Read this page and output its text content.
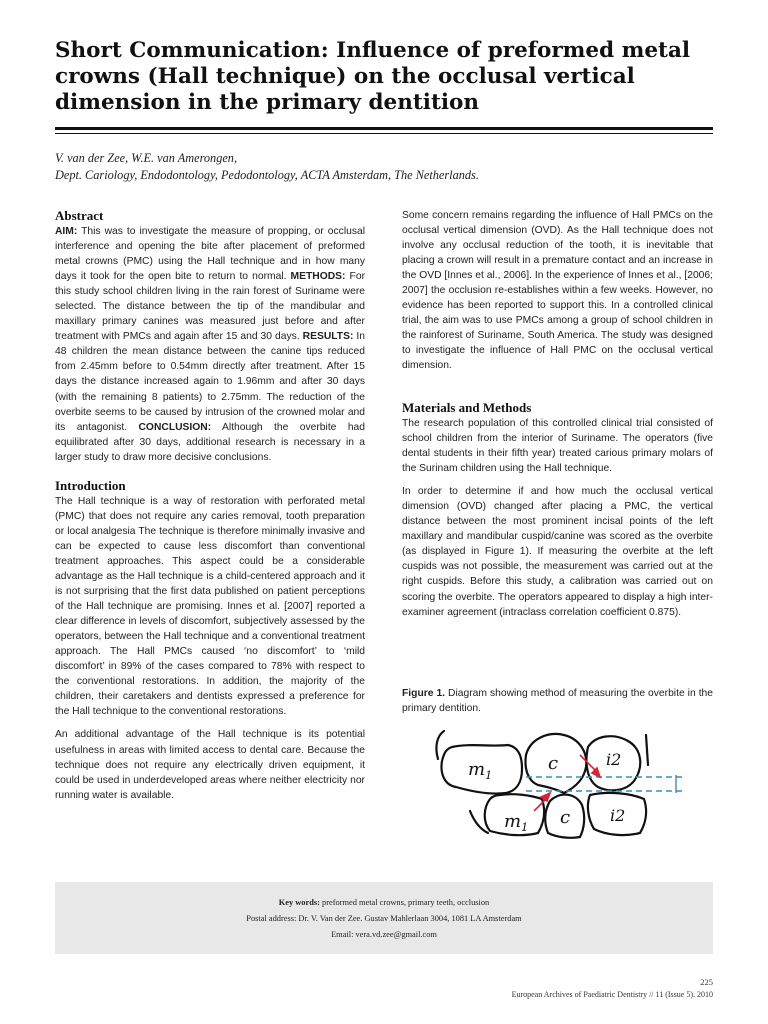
Short Communication: Influence of preformed metal crowns (Hall technique) on the occlusal vertical dimension in the primary dentition
V. van der Zee, W.E. van Amerongen,
Dept. Cariology, Endodontology, Pedodontology, ACTA Amsterdam, The Netherlands.
Abstract

AIM: This was to investigate the measure of propping, or occlusal interference and opening the bite after placement of preformed metal crowns (PMC) using the Hall technique and in how many days it took for the open bite to return to normal. METHODS: For this study school children living in the rain forest of Suriname were selected. The distance between the tip of the mandibular and maxillary primary canines was measured just before and after treatment with PMCs and again after 15 and 30 days. RESULTS: In 48 children the mean distance between the canine tips reduced from 2.45mm before to 0.54mm directly after treatment. After 15 days the distance increased again to 1.96mm and after 30 days (with the remaining 8 patients) to 2.75mm. The reduction of the overbite seems to be caused by intrusion of the crowned molar and its antagonist. CONCLUSION: Although the overbite had equilibrated after 30 days, additional research is necessary in a larger study to draw more decisive conclusions.

Introduction

The Hall technique is a way of restoration with perforated metal (PMC) that does not require any caries removal, tooth preparation or local analgesia The technique is therefore minimally invasive and can be expected to cause less discomfort than conventional treatment approaches. This aspect could be a considerable advantage as the Hall technique is a child-centered approach and it is not surprising that the first data published on patient perceptions of the Hall technique are promising. Innes et al. [2007] reported a clear difference in levels of discomfort, subjectively assessed by the operators, between the Hall technique and a conventional treatment approach. The Hall PMCs caused ‘no discomfort’ to ‘mild discomfort’ in 89% of the cases compared to 78% with respect to the conventional restorations. In addition, the majority of the children, their caretakers and dentists expressed a preference for the Hall technique to the conventional restorations.

An additional advantage of the Hall technique is its potential usefulness in areas with limited access to dental care. Because the technique does not require any electrically driven equipment, it could be used in underdeveloped areas where neither electricity nor running water is available.

Some concern remains regarding the influence of Hall PMCs on the occlusal vertical dimension (OVD). As the Hall technique does not involve any occlusal reduction of the tooth, it is inevitable that placing a crown will result in a premature contact and an increase in the OVD [Innes et al., 2006]. In the experience of Innes et al., [2006; 2007] the occlusion re-establishes within a few weeks. However, no evidence has been reported to support this. In a controlled clinical trial, the aim was to use PMCs among a group of school children in the rainforest of Suriname, South America. The study was designed to investigate the influence of Hall PMC on the occlusal vertical dimension.

Materials and Methods

The research population of this controlled clinical trial consisted of school children from the interior of Suriname. The operators (five dental students in their fifth year) treated carious primary molars of the Surinam children using the Hall technique.

In order to determine if and how much the occlusal vertical dimension (OVD) changed after placing a PMC, the vertical distance between the most prominent incisal points of the left maxillary and mandibular cuspid/canine was scored as the overbite (as displayed in Figure 1). If measuring the overbite at the left cuspids was not possible, the measurement was carried out at the right cuspids. Before this study, a calibration was carried out on scoring the overbite. The operators appeared to display a high inter-examiner agreement (intraclass correlation coefficient 0.875).

Figure 1. Diagram showing method of measuring the overbite in the primary dentition.

$m_1$
c	i2
$m_1$ c i2
Key words: preformed metal crowns, primary teeth, occlusion
Postal address: Dr. V. Van der Zee. Gustav Mahlerlaan 3004, 1081 LA Amsterdam
Email: vera.vd.zee@gmail.com
225
European Archives of Paediatric Dentistry // 11 (Issue 5). 2010
